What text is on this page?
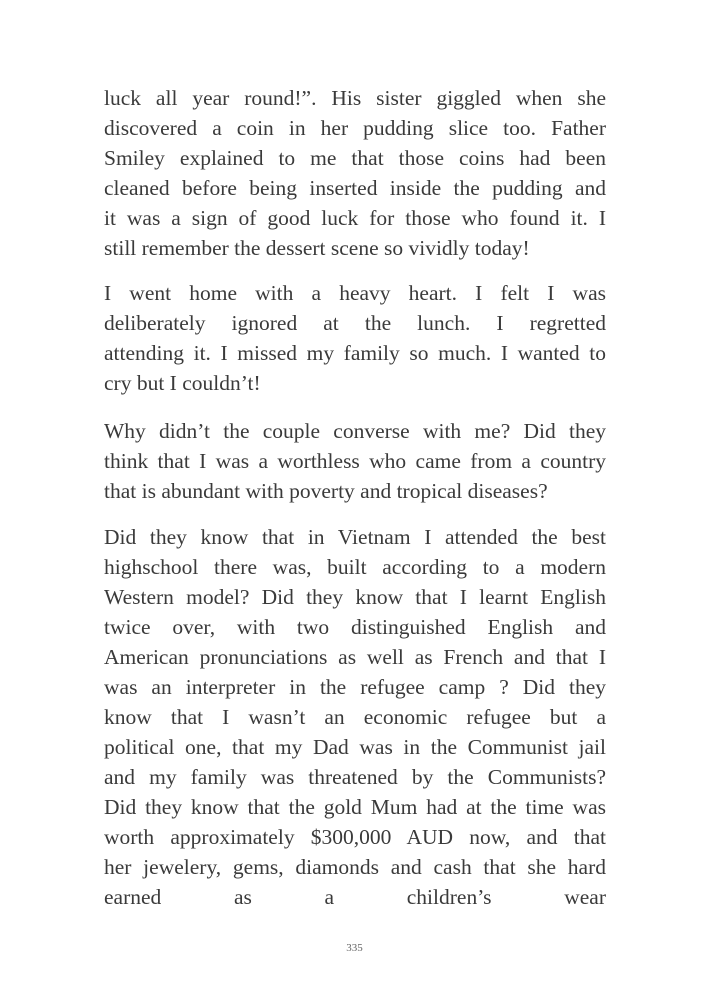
luck all year round!”. His sister giggled when she
discovered a coin in her pudding slice too. Father
Smiley explained to me that those coins had been
cleaned before being inserted inside the pudding and
it was a sign of good luck for those who found it. I
still remember the dessert scene so vividly today!
I went home with a heavy heart. I felt I was
deliberately ignored at the lunch. I regretted
attending it. I missed my family so much. I wanted to
cry but I couldn’t!
Why didn’t the couple converse with me? Did they
think that I was a worthless who came from a country
that is abundant with poverty and tropical diseases?
Did they know that in Vietnam I attended the best
highschool there was, built according to a modern
Western model? Did they know that I learnt English
twice over, with two distinguished English and
American pronunciations as well as French and that I
was an interpreter in the refugee camp ? Did they
know that I wasn’t an economic refugee but a
political one, that my Dad was in the Communist jail
and my family was threatened by the Communists?
Did they know that the gold Mum had at the time was
worth approximately $300,000 AUD now, and that
her jewelery, gems, diamonds and cash that she hard
earned as a children’s wear
335
